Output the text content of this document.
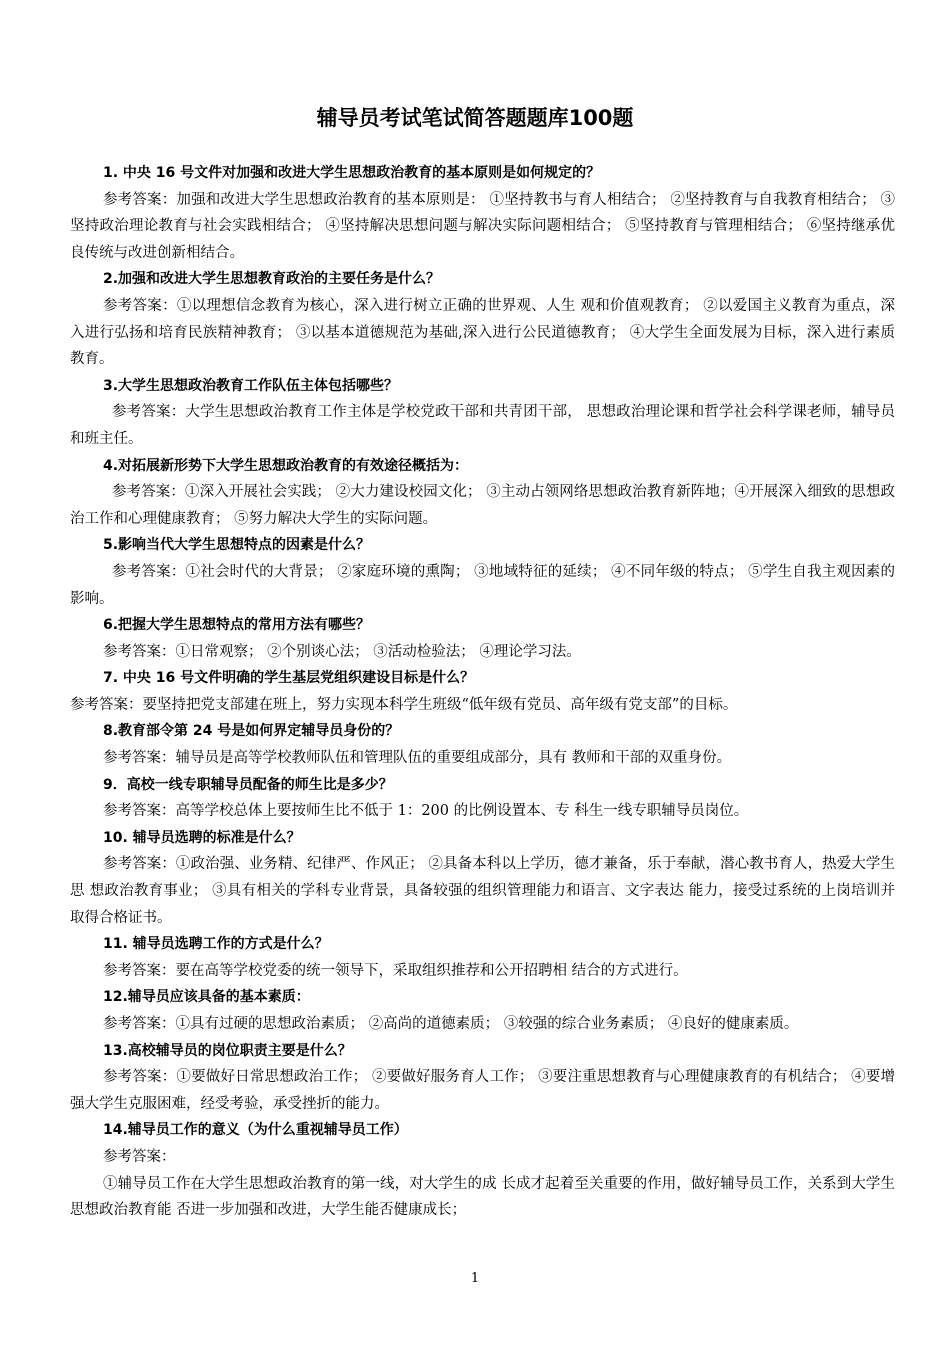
辅导员考试笔试简答题题库100题
1. 中央 16 号文件对加强和改进大学生思想政治教育的基本原则是如何规定的？
参考答案：加强和改进大学生思想政治教育的基本原则是： ①坚持教书与育人相结合； ②坚持教育与自我教育相结合； ③坚持政治理论教育与社会实践相结合； ④坚持解决思想问题与解决实际问题相结合； ⑤坚持教育与管理相结合； ⑥坚持继承优良传统与改进创新相结合。
2.加强和改进大学生思想教育政治的主要任务是什么？
参考答案：①以理想信念教育为核心，深入进行树立正确的世界观、人生 观和价值观教育； ②以爱国主义教育为重点，深入进行弘扬和培育民族精神教育； ③以基本道德规范为基础,深入进行公民道德教育； ④大学生全面发展为目标，深入进行素质教育。
3.大学生思想政治教育工作队伍主体包括哪些？
参考答案：大学生思想政治教育工作主体是学校党政干部和共青团干部， 思想政治理论课和哲学社会科学课老师，辅导员和班主任。
4.对拓展新形势下大学生思想政治教育的有效途径概括为：
参考答案：①深入开展社会实践； ②大力建设校园文化； ③主动占领网络思想政治教育新阵地；④开展深入细致的思想政治工作和心理健康教育； ⑤努力解决大学生的实际问题。
5.影响当代大学生思想特点的因素是什么？
参考答案：①社会时代的大背景； ②家庭环境的熏陶； ③地域特征的延续； ④不同年级的特点； ⑤学生自我主观因素的影响。
6.把握大学生思想特点的常用方法有哪些？
参考答案：①日常观察； ②个别谈心法； ③活动检验法； ④理论学习法。
7. 中央 16 号文件明确的学生基层党组织建设目标是什么？
参考答案：要坚持把党支部建在班上，努力实现本科学生班级“低年级有党员、高年级有党支部”的目标。
8.教育部令第 24 号是如何界定辅导员身份的？
参考答案：辅导员是高等学校教师队伍和管理队伍的重要组成部分，具有 教师和干部的双重身份。
9．高校一线专职辅导员配备的师生比是多少？
参考答案：高等学校总体上要按师生比不低于 1：200 的比例设置本、专 科生一线专职辅导员岗位。
10. 辅导员选聘的标准是什么？
参考答案：①政治强、业务精、纪律严、作风正； ②具备本科以上学历，德才兼备，乐于奉献，潜心教书育人，热爱大学生思 想政治教育事业； ③具有相关的学科专业背景，具备较强的组织管理能力和语言、文字表达 能力，接受过系统的上岗培训并取得合格证书。
11. 辅导员选聘工作的方式是什么？
参考答案：要在高等学校党委的统一领导下，采取组织推荐和公开招聘相 结合的方式进行。
12.辅导员应该具备的基本素质：
参考答案：①具有过硬的思想政治素质； ②高尚的道德素质； ③较强的综合业务素质； ④良好的健康素质。
13.高校辅导员的岗位职责主要是什么？
参考答案：①要做好日常思想政治工作； ②要做好服务育人工作； ③要注重思想教育与心理健康教育的有机结合； ④要增强大学生克服困难，经受考验，承受挫折的能力。
14.辅导员工作的意义（为什么重视辅导员工作）
参考答案：
①辅导员工作在大学生思想政治教育的第一线，对大学生的成 长成才起着至关重要的作用，做好辅导员工作，关系到大学生思想政治教育能 否进一步加强和改进，大学生能否健康成长；
1
